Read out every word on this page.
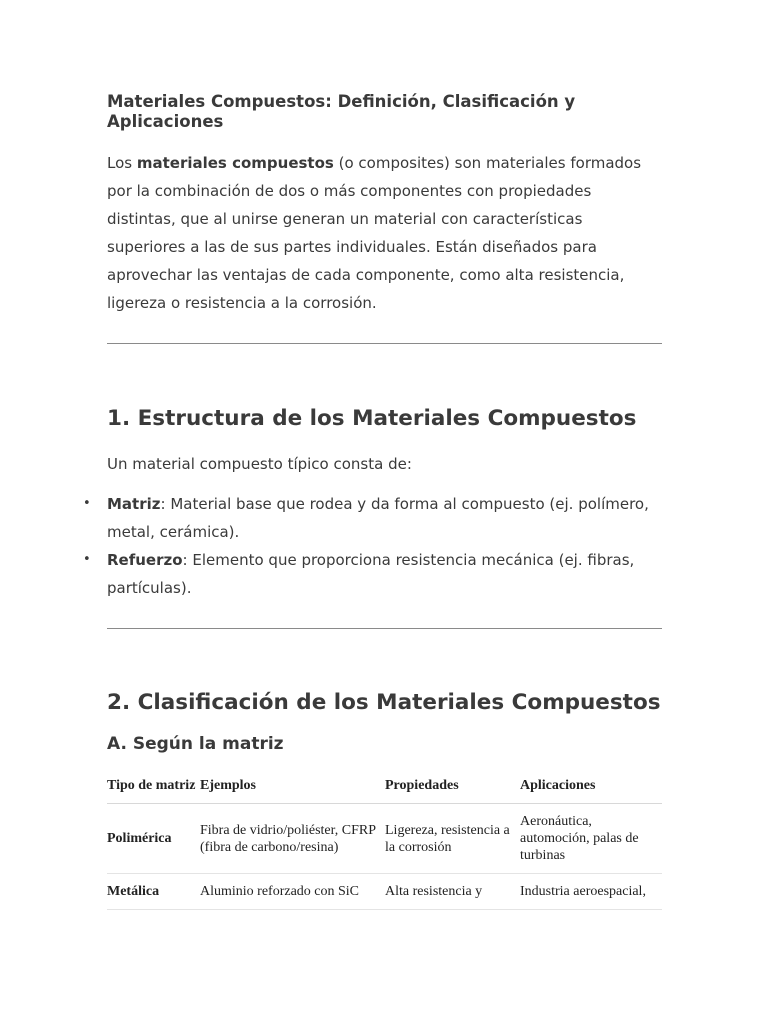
Materiales Compuestos: Definición, Clasificación y Aplicaciones

Los materiales compuestos (o composites) son materiales formados por la combinación de dos o más componentes con propiedades distintas, que al unirse generan un material con características superiores a las de sus partes individuales. Están diseñados para aprovechar las ventajas de cada componente, como alta resistencia, ligereza o resistencia a la corrosión.

1. Estructura de los Materiales Compuestos

Un material compuesto típico consta de:

• Matriz: Material base que rodea y da forma al compuesto (ej. polímero, metal, cerámica).
• Refuerzo: Elemento que proporciona resistencia mecánica (ej. fibras, partículas).
2. Clasificación de los Materiales Compuestos
A. Según la matriz
Tipo de matriz	Ejemplos	Propiedades	Aplicaciones
Polimérica	Fibra de vidrio/poliéster, CFRP (fibra de carbono/resina)	Ligereza, resistencia a la corrosión	Aeronáutica, automoción, palas de turbinas
Metálica	Aluminio reforzado con SiC	Alta resistencia y	Industria aeroespacial,
